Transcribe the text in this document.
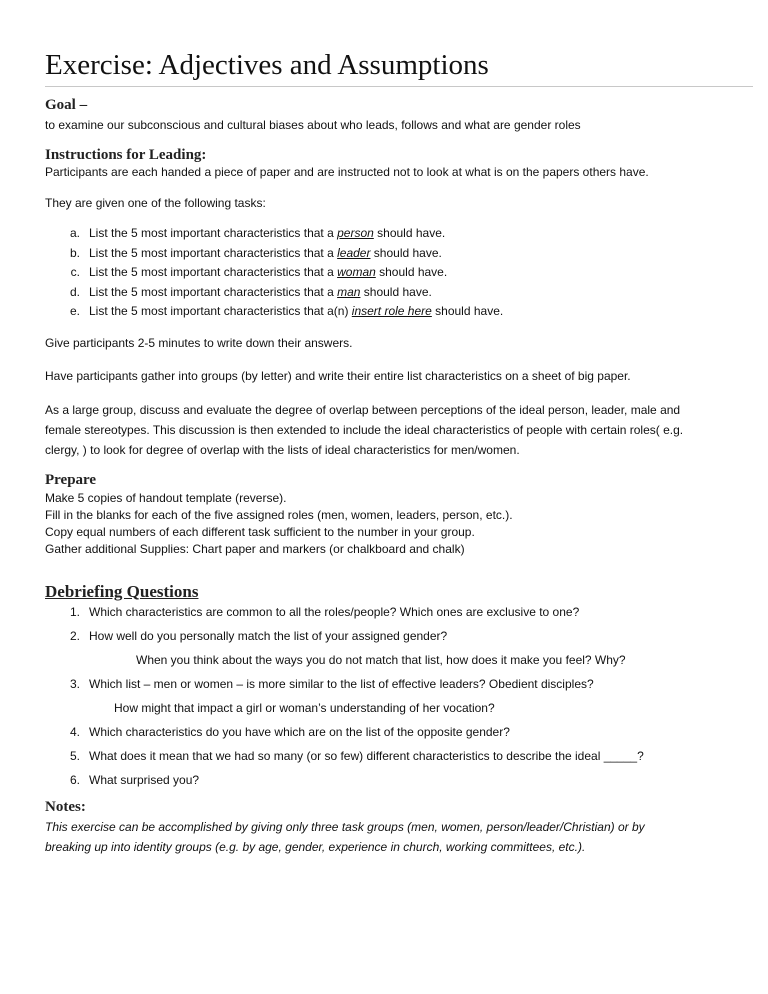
Exercise: Adjectives and Assumptions
Goal –

to examine our subconscious and cultural biases about who leads, follows and what are gender roles

Instructions for Leading:

Participants are each handed a piece of paper and are instructed not to look at what is on the papers others have.

They are given one of the following tasks:

a. List the 5 most important characteristics that a person should have.
b. List the 5 most important characteristics that a leader should have.
c. List the 5 most important characteristics that a woman should have.
d. List the 5 most important characteristics that a man should have.
e. List the 5 most important characteristics that a(n) insert role here should have.

Give participants 2-5 minutes to write down their answers.

Have participants gather into groups (by letter) and write their entire list characteristics on a sheet of big paper.

As a large group, discuss and evaluate the degree of overlap between perceptions of the ideal person, leader, male and
female stereotypes. This discussion is then extended to include the ideal characteristics of people with certain roles( e.g.
clergy, ) to look for degree of overlap with the lists of ideal characteristics for men/women.
Prepare
Make 5 copies of handout template (reverse).
Fill in the blanks for each of the five assigned roles (men, women, leaders, person, etc.).
Copy equal numbers of each different task sufficient to the number in your group.
Gather additional Supplies: Chart paper and markers (or chalkboard and chalk)
Debriefing Questions
1. Which characteristics are common to all the roles/people? Which ones are exclusive to one?
2. How well do you personally match the list of your assigned gender?
When you think about the ways you do not match that list, how does it make you feel? Why?
3. Which list – men or women – is more similar to the list of effective leaders? Obedient disciples?
How might that impact a girl or woman’s understanding of her vocation?
4. Which characteristics do you have which are on the list of the opposite gender?
5. What does it mean that we had so many (or so few) different characteristics to describe the ideal _____?
6. What surprised you?
Notes:
This exercise can be accomplished by giving only three task groups (men, women, person/leader/Christian) or by
breaking up into identity groups (e.g. by age, gender, experience in church, working committees, etc.).
